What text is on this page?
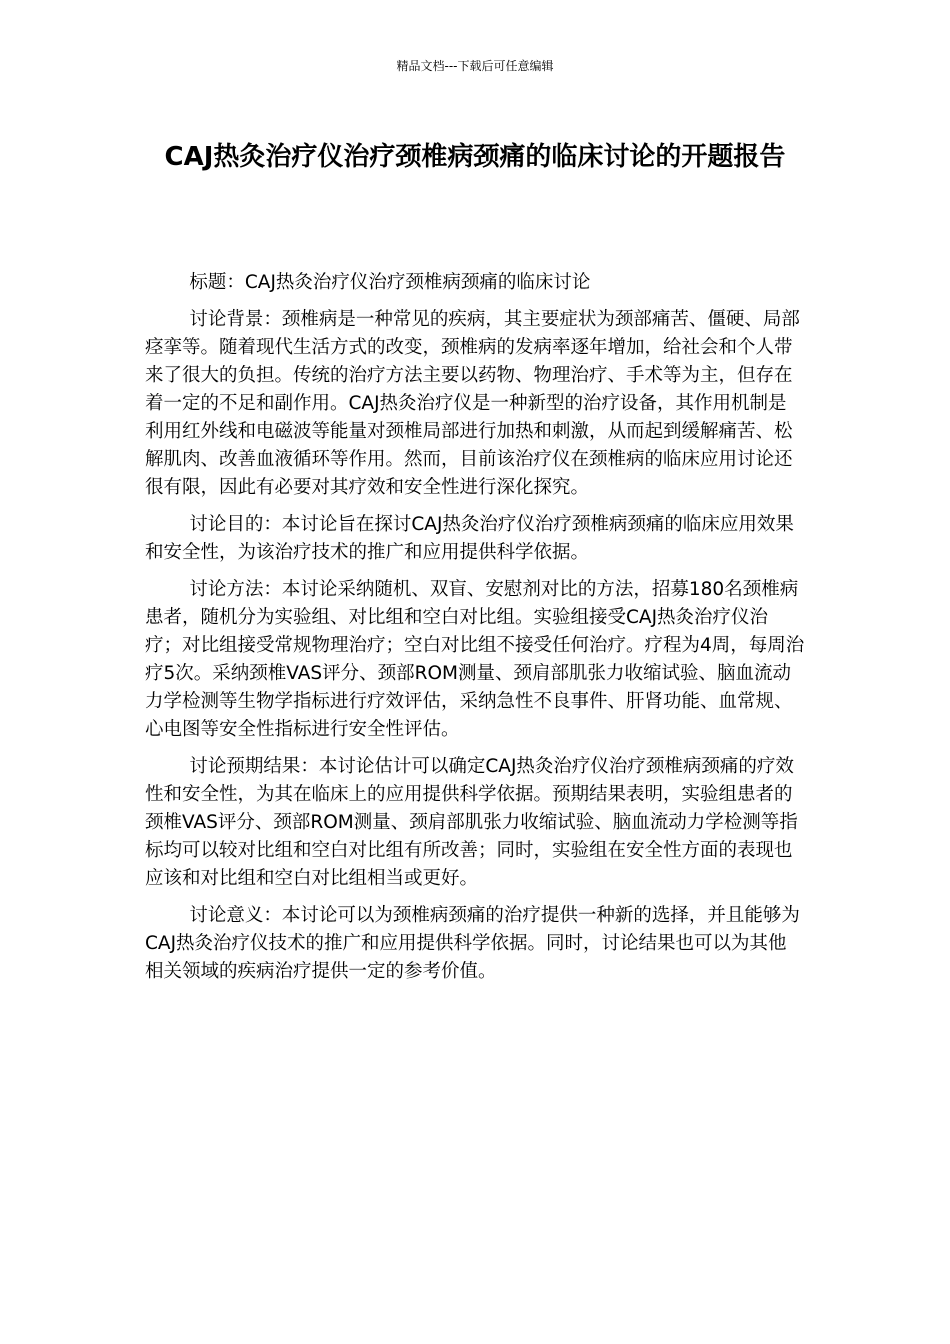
精品文档---下载后可任意编辑
CAJ热灸治疗仪治疗颈椎病颈痛的临床讨论的开题报告

标题：CAJ热灸治疗仪治疗颈椎病颈痛的临床讨论

讨论背景：颈椎病是一种常见的疾病，其主要症状为颈部痛苦、僵硬、局部痉挛等。随着现代生活方式的改变，颈椎病的发病率逐年增加，给社会和个人带来了很大的负担。传统的治疗方法主要以药物、物理治疗、手术等为主，但存在着一定的不足和副作用。CAJ热灸治疗仪是一种新型的治疗设备，其作用机制是利用红外线和电磁波等能量对颈椎局部进行加热和刺激，从而起到缓解痛苦、松解肌肉、改善血液循环等作用。然而，目前该治疗仪在颈椎病的临床应用讨论还很有限，因此有必要对其疗效和安全性进行深化探究。

讨论目的：本讨论旨在探讨CAJ热灸治疗仪治疗颈椎病颈痛的临床应用效果和安全性，为该治疗技术的推广和应用提供科学依据。

讨论方法：本讨论采纳随机、双盲、安慰剂对比的方法，招募180名颈椎病患者，随机分为实验组、对比组和空白对比组。实验组接受CAJ热灸治疗仪治疗；对比组接受常规物理治疗；空白对比组不接受任何治疗。疗程为4周，每周治疗5次。采纳颈椎VAS评分、颈部ROM测量、颈肩部肌张力收缩试验、脑血流动力学检测等生物学指标进行疗效评估，采纳急性不良事件、肝肾功能、血常规、心电图等安全性指标进行安全性评估。

讨论预期结果：本讨论估计可以确定CAJ热灸治疗仪治疗颈椎病颈痛的疗效性和安全性，为其在临床上的应用提供科学依据。预期结果表明，实验组患者的颈椎VAS评分、颈部ROM测量、颈肩部肌张力收缩试验、脑血流动力学检测等指标均可以较对比组和空白对比组有所改善；同时，实验组在安全性方面的表现也应该和对比组和空白对比组相当或更好。

讨论意义：本讨论可以为颈椎病颈痛的治疗提供一种新的选择，并且能够为CAJ热灸治疗仪技术的推广和应用提供科学依据。同时，讨论结果也可以为其他相关领域的疾病治疗提供一定的参考价值。
